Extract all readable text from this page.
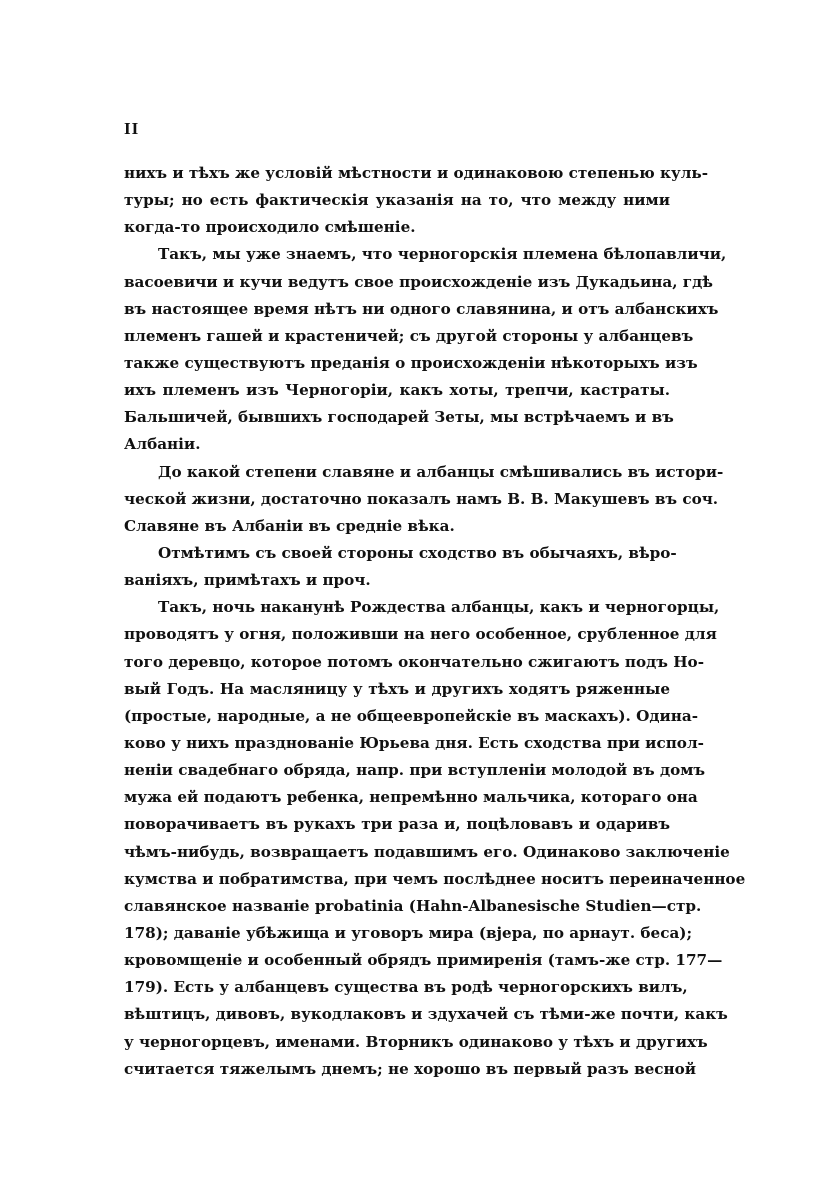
II
нихъ и тѣхъ же условій мѣстности и одинаковою степенью куль-
туры; но есть фактическія указанія на то, что между ними
когда-то происходило смѣшеніе.
Такъ, мы уже знаемъ, что черногорскія племена бѣлопавличи,
васоевичи и кучи ведутъ свое происхожденіе изъ Дукадьина, гдѣ
въ настоящее время нѣтъ ни одного славянина, и отъ албанскихъ
племенъ гашей и крастеничей; съ другой стороны у албанцевъ
также существуютъ преданія о происхожденіи нѣкоторыхъ изъ
ихъ племенъ изъ Черногоріи, какъ хоты, трепчи, кастраты.
Бальшичей, бывшихъ господарей Зеты, мы встрѣчаемъ и въ
Албаніи.
До какой степени славяне и албанцы смѣшивались въ истори-
ческой жизни, достаточно показалъ намъ В. В. Макушевъ въ соч.
Славяне въ Албаніи въ средніе вѣка.
Отмѣтимъ съ своей стороны сходство въ обычаяхъ, вѣро-
ваніяхъ, примѣтахъ и проч.
Такъ, ночь наканунѣ Рождества албанцы, какъ и черногорцы,
проводятъ у огня, положивши на него особенное, срубленное для
того деревцо, которое потомъ окончательно сжигаютъ подъ Но-
вый Годъ. На масляницу у тѣхъ и другихъ ходятъ ряженные
(простые, народные, а не общеевропейскіе въ маскахъ). Одина-
ково у нихъ празднованіе Юрьева дня. Есть сходства при испол-
неніи свадебнаго обряда, напр. при вступленіи молодой въ домъ
мужа ей подаютъ ребенка, непремѣнно мальчика, котораго она
поворачиваетъ въ рукахъ три раза и, поцѣловавъ и одаривъ
чѣмъ-нибудь, возвращаетъ подавшимъ его. Одинаково заключеніе
кумства и побратимства, при чемъ послѣднее носитъ переиначенное
славянское названіе probatinia (Hahn-Albanesische Studien—стр.
178); даваніе убѣжища и уговоръ мира (вjера, по арнаут. беса);
кровомщеніе и особенный обрядъ примиренія (тамъ-же стр. 177—
179). Есть у албанцевъ существа въ родѣ черногорскихъ вилъ,
вѣштицъ, дивовъ, вукодлаковъ и здухачей съ тѣми-же почти, какъ
у черногорцевъ, именами. Вторникъ одинаково у тѣхъ и другихъ
считается тяжелымъ днемъ; не хорошо въ первый разъ весной
